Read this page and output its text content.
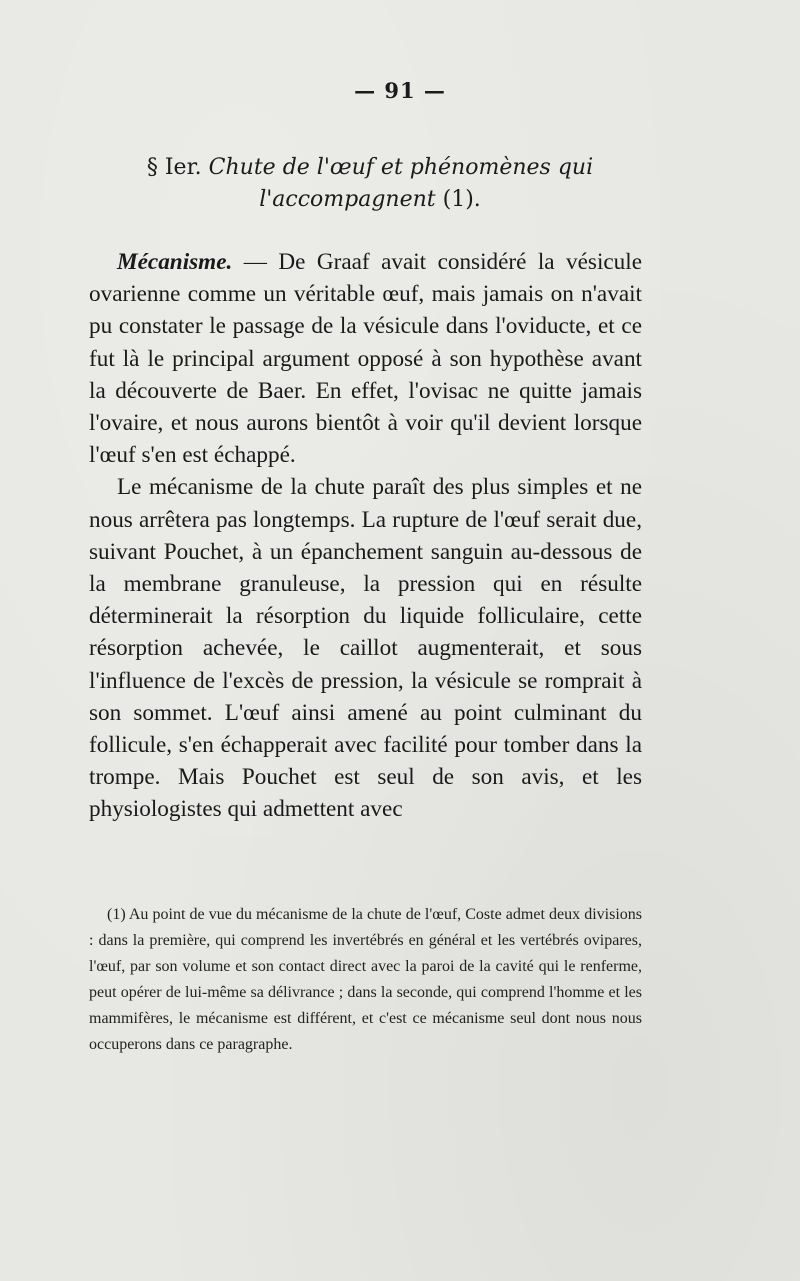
— 91 —
§ Ier. Chute de l'œuf et phénomènes qui l'accompagnent (1).

Mécanisme. — De Graaf avait considéré la vésicule ovarienne comme un véritable œuf, mais jamais on n'avait pu constater le passage de la vésicule dans l'oviducte, et ce fut là le principal argument opposé à son hypothèse avant la découverte de Baer. En effet, l'ovisac ne quitte jamais l'ovaire, et nous aurons bientôt à voir qu'il devient lorsque l'œuf s'en est échappé.

Le mécanisme de la chute paraît des plus simples et ne nous arrêtera pas longtemps. La rupture de l'œuf serait due, suivant Pouchet, à un épanchement sanguin au-dessous de la membrane granuleuse, la pression qui en résulte déterminerait la résorption du liquide folliculaire, cette résorption achevée, le caillot augmenterait, et sous l'influence de l'excès de pression, la vésicule se romprait à son sommet. L'œuf ainsi amené au point culminant du follicule, s'en échapperait avec facilité pour tomber dans la trompe. Mais Pouchet est seul de son avis, et les physiologistes qui admettent avec

(1) Au point de vue du mécanisme de la chute de l'œuf, Coste admet deux divisions : dans la première, qui comprend les invertébrés en général et les vertébrés ovipares, l'œuf, par son volume et son contact direct avec la paroi de la cavité qui le renferme, peut opérer de lui-même sa délivrance ; dans la seconde, qui comprend l'homme et les mammifères, le mécanisme est différent, et c'est ce mécanisme seul dont nous nous occuperons dans ce paragraphe.
